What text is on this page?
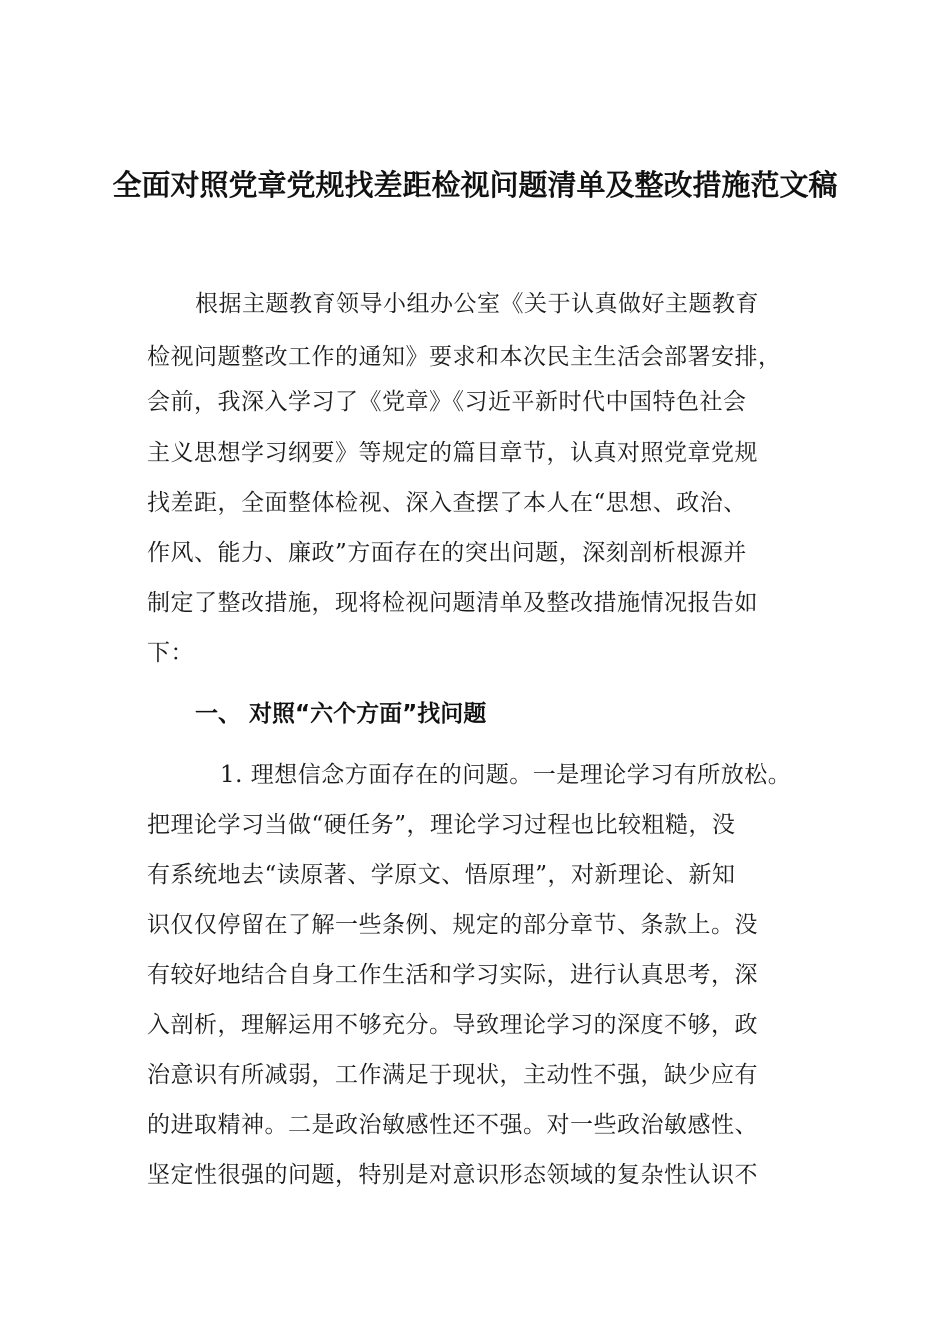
全面对照党章党规找差距检视问题清单及整改措施范文稿
根据主题教育领导小组办公室《关于认真做好主题教育
检视问题整改工作的通知》要求和本次民主生活会部署安排，
会前，我深入学习了《党章》《习近平新时代中国特色社会
主义思想学习纲要》等规定的篇目章节，认真对照党章党规
找差距，全面整体检视、深入查摆了本人在“思想、政治、
作风、能力、廉政”方面存在的突出问题，深刻剖析根源并
制定了整改措施，现将检视问题清单及整改措施情况报告如
下：
一、 对照“六个方面”找问题
1. 理想信念方面存在的问题。一是理论学习有所放松。
把理论学习当做“硬任务”，理论学习过程也比较粗糙，没
有系统地去“读原著、学原文、悟原理”，对新理论、新知
识仅仅停留在了解一些条例、规定的部分章节、条款上。没
有较好地结合自身工作生活和学习实际，进行认真思考，深
入剖析，理解运用不够充分。导致理论学习的深度不够，政
治意识有所减弱，工作满足于现状，主动性不强，缺少应有
的进取精神。二是政治敏感性还不强。对一些政治敏感性、
坚定性很强的问题，特别是对意识形态领域的复杂性认识不
